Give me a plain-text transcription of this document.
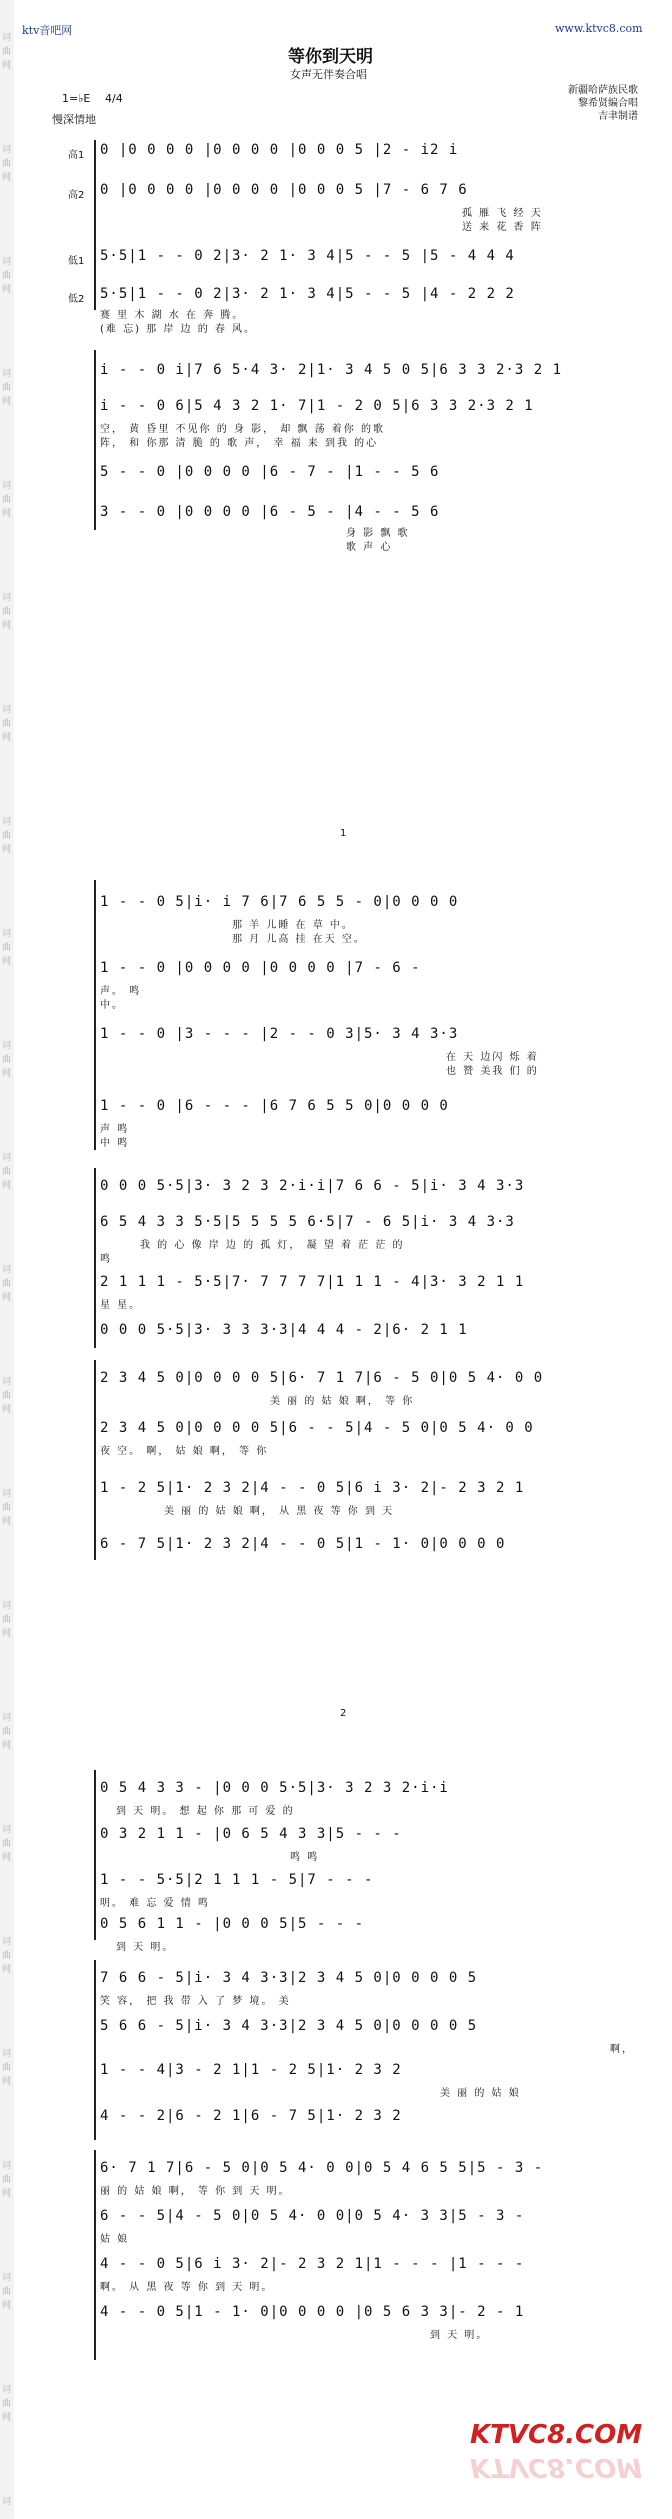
词
曲
网
词
曲
网
词
曲
网
词
曲
网
词
曲
网
词
曲
网
词
曲
网
词
曲
网
词
曲
网
词
曲
网
词
曲
网
词
曲
网
词
曲
网
词
曲
网
词
曲
网
词
曲
网
词
曲
网
词
曲
网
词
曲
网
词
曲
网
词
曲
网
词
曲
网
词
ktv音吧网	www.ktvc8.com
等你到天明
女声无伴奏合唱
1=♭E 4/4
慢深情地
新疆哈萨族民歌
黎希贤编合唱
吉聿制谱
高1
高2
低1
低2
0 |0 0 0 0 |0 0 0 0 |0 0 0 5 |2 - i2 i
0 |0 0 0 0 |0 0 0 0 |0 0 0 5 |7 - 6 7 6
孤 雁 飞 经 天
送 来 花 香 阵
5·5|1 - - 0 2|3· 2 1· 3 4|5 - - 5 |5 - 4 4 4
5·5|1 - - 0 2|3· 2 1· 3 4|5 - - 5 |4 - 2 2 2
赛 里 木 湖 水 在 奔 腾。
(难 忘) 那 岸 边 的 春 风。
i - - 0 i|7 6 5·4 3· 2|1· 3 4 5 0 5|6 3 3 2·3 2 1
i - - 0 6|5 4 3 2 1· 7|1 - 2 0 5|6 3 3 2·3 2 1
空， 黄 昏里 不见你 的 身 影， 却 飘 荡 着你 的歌
阵， 和 你那 清 脆 的 歌 声， 幸 福 来 到我 的心
5 - - 0 |0 0 0 0 |6 - 7 - |1 - - 5 6
3 - - 0 |0 0 0 0 |6 - 5 - |4 - - 5 6
身 影 飘 歌
歌 声 心
1
1 - - 0 5|i· i 7 6|7 6 5 5 - 0|0 0 0 0
那 羊 儿睡 在 草 中。
那 月 儿高 挂 在天 空。
1 - - 0 |0 0 0 0 |0 0 0 0 |7 - 6 -
声。 鸣
中。
1 - - 0 |3 - - - |2 - - 0 3|5· 3 4 3·3
在 天 边闪 烁 着
也 赞 美我 们 的
1 - - 0 |6 - - - |6 7 6 5 5 0|0 0 0 0
声 鸣
中 鸣
0 0 0 5·5|3· 3 2 3 2·i·i|7 6 6 - 5|i· 3 4 3·3
6 5 4 3 3 5·5|5 5 5 5 6·5|7 - 6 5|i· 3 4 3·3
我 的 心 像 岸 边 的 孤 灯， 凝 望 着 茫 茫 的
鸣
2 1 1 1 - 5·5|7· 7 7 7 7|1 1 1 - 4|3· 3 2 1 1
星 星。
0 0 0 5·5|3· 3 3 3·3|4 4 4 - 2|6· 2 1 1
2 3 4 5 0|0 0 0 0 5|6· 7 1 7|6 - 5 0|0 5 4· 0 0
美 丽 的 姑 娘 啊， 等 你
2 3 4 5 0|0 0 0 0 5|6 - - 5|4 - 5 0|0 5 4· 0 0
夜 空。 啊， 姑 娘 啊， 等 你
1 - 2 5|1· 2 3 2|4 - - 0 5|6 i 3· 2|- 2 3 2 1
美 丽 的 姑 娘 啊， 从 黑 夜 等 你 到 天
6 - 7 5|1· 2 3 2|4 - - 0 5|1 - 1· 0|0 0 0 0
2
0 5 4 3 3 - |0 0 0 5·5|3· 3 2 3 2·i·i
到 天 明。 想 起 你 那 可 爱 的
0 3 2 1 1 - |0 6 5 4 3 3|5 - - -
鸣 鸣
1 - - 5·5|2 1 1 1 - 5|7 - - -
明。 难 忘 爱 情 鸣
0 5 6 1 1 - |0 0 0 5|5 - - -
到 天 明。
7 6 6 - 5|i· 3 4 3·3|2 3 4 5 0|0 0 0 0 5
笑 容， 把 我 带 入 了 梦 境。 美
5 6 6 - 5|i· 3 4 3·3|2 3 4 5 0|0 0 0 0 5
啊，
1 - - 4|3 - 2 1|1 - 2 5|1· 2 3 2
美 丽 的 姑 娘
4 - - 2|6 - 2 1|6 - 7 5|1· 2 3 2
6· 7 1 7|6 - 5 0|0 5 4· 0 0|0 5 4 6 5 5|5 - 3 -
丽 的 姑 娘 啊， 等 你 到 天 明。
6 - - 5|4 - 5 0|0 5 4· 0 0|0 5 4· 3 3|5 - 3 -
姑 娘
4 - - 0 5|6 i 3· 2|- 2 3 2 1|1 - - - |1 - - -
啊。 从 黑 夜 等 你 到 天 明。
4 - - 0 5|1 - 1· 0|0 0 0 0 |0 5 6 3 3|- 2 - 1
到 天 明。
KTVC8.COM
KTVC8.COM
